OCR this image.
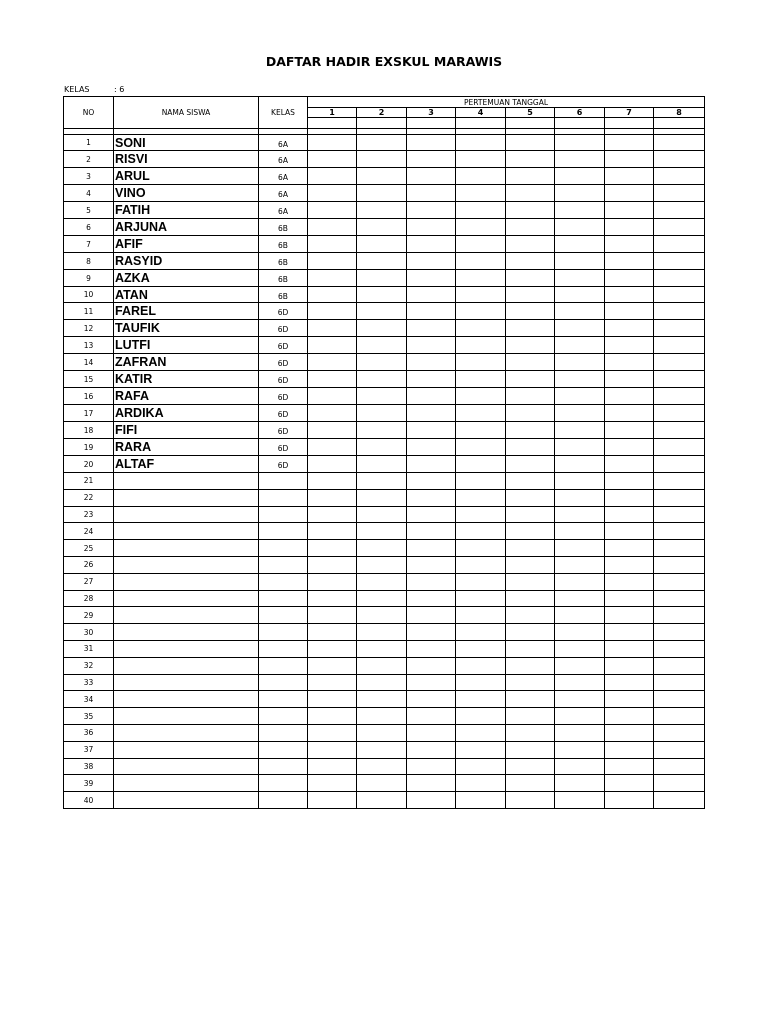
DAFTAR HADIR EXSKUL MARAWIS
KELAS	: 6
NO	NAMA SISWA	KELAS	PERTEMUAN TANGGAL							
			1	2	3	4	5	6	7	8

1	SONI	6A								
2	RISVI	6A								
3	ARUL	6A								
4	VINO	6A								
5	FATIH	6A								
6	ARJUNA	6B								
7	AFIF	6B								
8	RASYID	6B								
9	AZKA	6B								
10	ATAN	6B								
11	FAREL	6D								
12	TAUFIK	6D								
13	LUTFI	6D								
14	ZAFRAN	6D								
15	KATIR	6D								
16	RAFA	6D								
17	ARDIKA	6D								
18	FIFI	6D								
19	RARA	6D								
20	ALTAF	6D								
21										
22										
23										
24										
25										
26										
27										
28										
29										
30										
31										
32										
33										
34										
35										
36										
37										
38										
39										
40										
